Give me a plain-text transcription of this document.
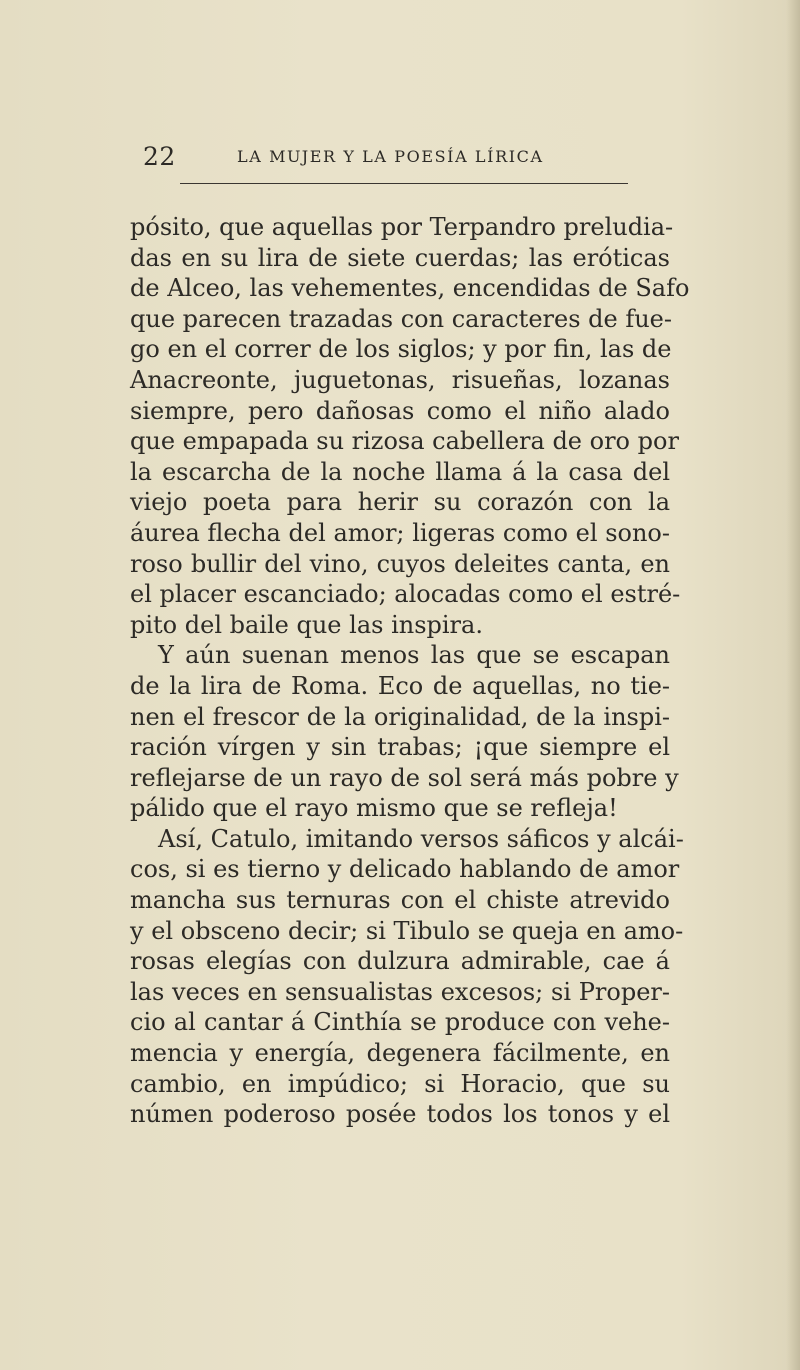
22	LA MUJER Y LA POESÍA LÍRICA
pósito, que aquellas por Terpandro preludia-
das en su lira de siete cuerdas; las eróticas
de Alceo, las vehementes, encendidas de Safo
que parecen trazadas con caracteres de fue-
go en el correr de los siglos; y por fin, las de
Anacreonte, juguetonas, risueñas, lozanas
siempre, pero dañosas como el niño alado
que empapada su rizosa cabellera de oro por
la escarcha de la noche llama á la casa del
viejo poeta para herir su corazón con la
áurea flecha del amor; ligeras como el sono-
roso bullir del vino, cuyos deleites canta, en
el placer escanciado; alocadas como el estré-
pito del baile que las inspira.
Y aún suenan menos las que se escapan
de la lira de Roma. Eco de aquellas, no tie-
nen el frescor de la originalidad, de la inspi-
ración vírgen y sin trabas; ¡que siempre el
reflejarse de un rayo de sol será más pobre y
pálido que el rayo mismo que se refleja!
Así, Catulo, imitando versos sáficos y alcái-
cos, si es tierno y delicado hablando de amor
mancha sus ternuras con el chiste atrevido
y el obsceno decir; si Tibulo se queja en amo-
rosas elegías con dulzura admirable, cae á
las veces en sensualistas excesos; si Proper-
cio al cantar á Cinthía se produce con vehe-
mencia y energía, degenera fácilmente, en
cambio, en impúdico; si Horacio, que su
númen poderoso posée todos los tonos y el
